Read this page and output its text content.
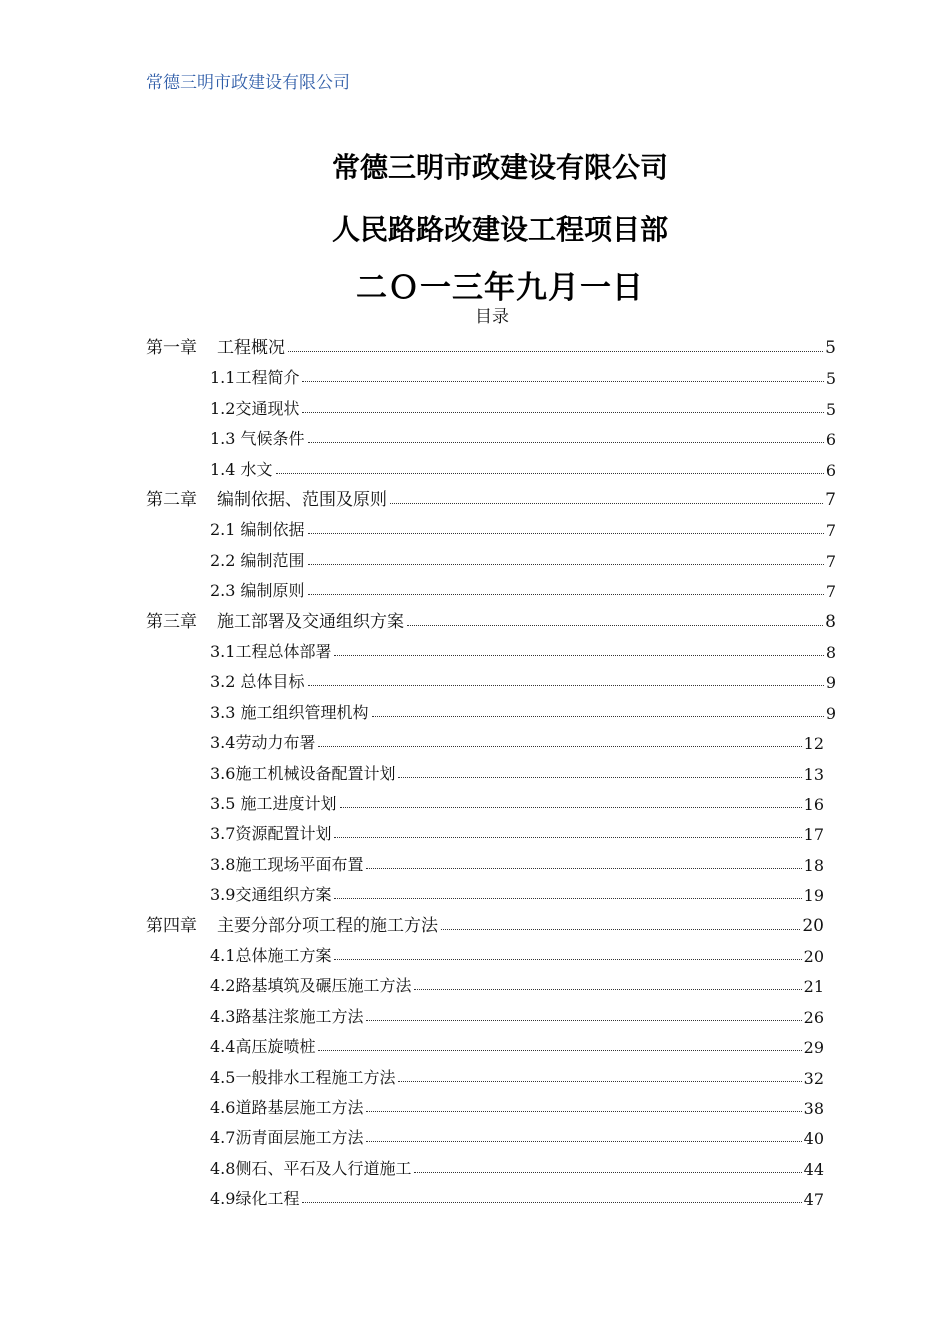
常德三明市政建设有限公司
常德三明市政建设有限公司
人民路路改建设工程项目部
二Ｏ一三年九月一日
目录
第一章 工程概况	5
1.1工程简介	5
1.2交通现状	5
1.3 气候条件	6
1.4 水文	6
第二章 编制依据、范围及原则	7
2.1 编制依据	7
2.2 编制范围	7
2.3 编制原则	7
第三章 施工部署及交通组织方案	8
3.1工程总体部署	8
3.2 总体目标	9
3.3 施工组织管理机构	9
3.4劳动力布署	12
3.6施工机械设备配置计划	13
3.5 施工进度计划	16
3.7资源配置计划	17
3.8施工现场平面布置	18
3.9交通组织方案	19
第四章 主要分部分项工程的施工方法	20
4.1总体施工方案	20
4.2路基填筑及碾压施工方法	21
4.3路基注浆施工方法	26
4.4高压旋喷桩	29
4.5一般排水工程施工方法	32
4.6道路基层施工方法	38
4.7沥青面层施工方法	40
4.8侧石、平石及人行道施工	44
4.9绿化工程	47
